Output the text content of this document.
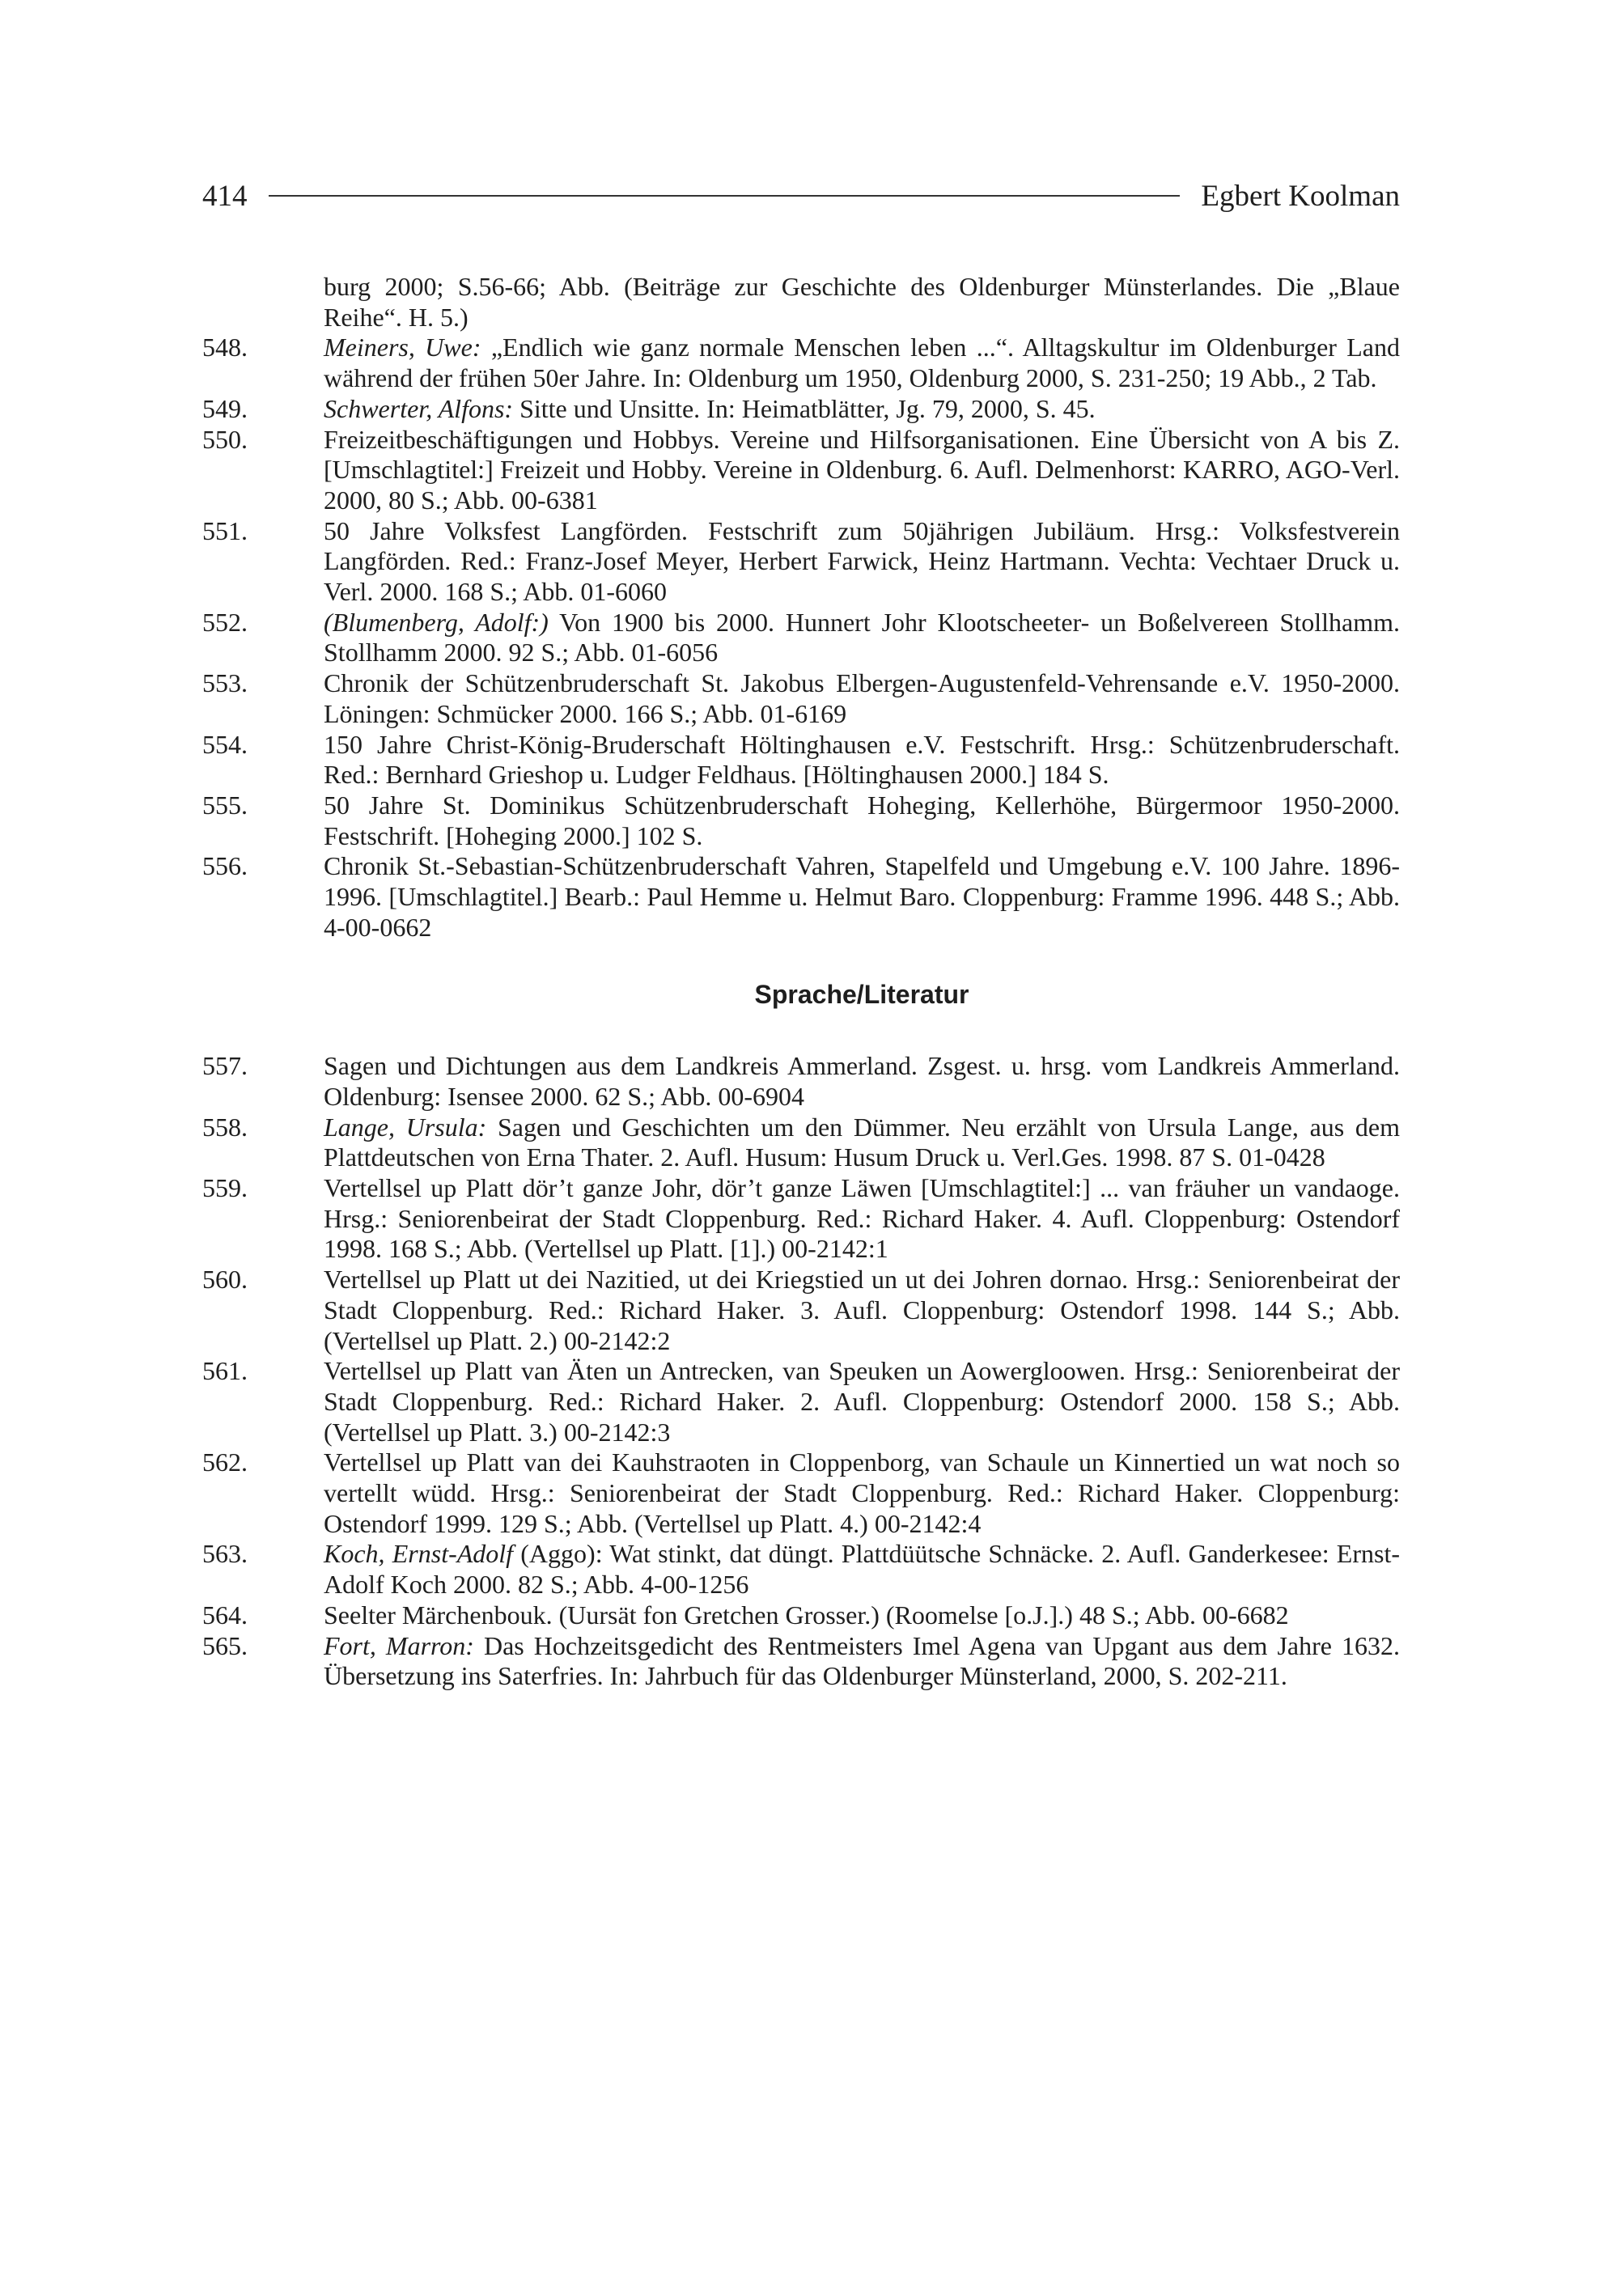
414	Egbert Koolman
burg 2000; S.56-66; Abb. (Beiträge zur Geschichte des Oldenburger Münsterlandes. Die „Blaue Reihe“. H. 5.)
548.	Meiners, Uwe: „Endlich wie ganz normale Menschen leben ...“. Alltagskultur im Oldenburger Land während der frühen 50er Jahre. In: Oldenburg um 1950, Oldenburg 2000, S. 231-250; 19 Abb., 2 Tab.
549.	Schwerter, Alfons: Sitte und Unsitte. In: Heimatblätter, Jg. 79, 2000, S. 45.
550.	Freizeitbeschäftigungen und Hobbys. Vereine und Hilfsorganisationen. Eine Übersicht von A bis Z. [Umschlagtitel:] Freizeit und Hobby. Vereine in Oldenburg. 6. Aufl. Delmenhorst: KARRO, AGO-Verl. 2000, 80 S.; Abb. 00-6381
551.	50 Jahre Volksfest Langförden. Festschrift zum 50jährigen Jubiläum. Hrsg.: Volksfestverein Langförden. Red.: Franz-Josef Meyer, Herbert Farwick, Heinz Hartmann. Vechta: Vechtaer Druck u. Verl. 2000. 168 S.; Abb. 01-6060
552.	(Blumenberg, Adolf:) Von 1900 bis 2000. Hunnert Johr Klootscheeter- un Boßelvereen Stollhamm. Stollhamm 2000. 92 S.; Abb. 01-6056
553.	Chronik der Schützenbruderschaft St. Jakobus Elbergen-Augustenfeld-Vehrensande e.V. 1950-2000. Löningen: Schmücker 2000. 166 S.; Abb. 01-6169
554.	150 Jahre Christ-König-Bruderschaft Höltinghausen e.V. Festschrift. Hrsg.: Schützenbruderschaft. Red.: Bernhard Grieshop u. Ludger Feldhaus. [Höltinghausen 2000.] 184 S.
555.	50 Jahre St. Dominikus Schützenbruderschaft Hoheging, Kellerhöhe, Bürgermoor 1950-2000. Festschrift. [Hoheging 2000.] 102 S.
556.	Chronik St.-Sebastian-Schützenbruderschaft Vahren, Stapelfeld und Umgebung e.V. 100 Jahre. 1896-1996. [Umschlagtitel.] Bearb.: Paul Hemme u. Helmut Baro. Cloppenburg: Framme 1996. 448 S.; Abb. 4-00-0662
Sprache/Literatur
557.	Sagen und Dichtungen aus dem Landkreis Ammerland. Zsgest. u. hrsg. vom Landkreis Ammerland. Oldenburg: Isensee 2000. 62 S.; Abb. 00-6904
558.	Lange, Ursula: Sagen und Geschichten um den Dümmer. Neu erzählt von Ursula Lange, aus dem Plattdeutschen von Erna Thater. 2. Aufl. Husum: Husum Druck u. Verl.Ges. 1998. 87 S. 01-0428
559.	Vertellsel up Platt dör’t ganze Johr, dör’t ganze Läwen [Umschlagtitel:] ... van fräuher un vandaoge. Hrsg.: Seniorenbeirat der Stadt Cloppenburg. Red.: Richard Haker. 4. Aufl. Cloppenburg: Ostendorf 1998. 168 S.; Abb. (Vertellsel up Platt. [1].) 00-2142:1
560.	Vertellsel up Platt ut dei Nazitied, ut dei Kriegstied un ut dei Johren dornao. Hrsg.: Seniorenbeirat der Stadt Cloppenburg. Red.: Richard Haker. 3. Aufl. Cloppenburg: Ostendorf 1998. 144 S.; Abb. (Vertellsel up Platt. 2.) 00-2142:2
561.	Vertellsel up Platt van Äten un Antrecken, van Speuken un Aowergloowen. Hrsg.: Seniorenbeirat der Stadt Cloppenburg. Red.: Richard Haker. 2. Aufl. Cloppenburg: Ostendorf 2000. 158 S.; Abb. (Vertellsel up Platt. 3.) 00-2142:3
562.	Vertellsel up Platt van dei Kauhstraoten in Cloppenborg, van Schaule un Kinnertied un wat noch so vertellt wüdd. Hrsg.: Seniorenbeirat der Stadt Cloppenburg. Red.: Richard Haker. Cloppenburg: Ostendorf 1999. 129 S.; Abb. (Vertellsel up Platt. 4.) 00-2142:4
563.	Koch, Ernst-Adolf (Aggo): Wat stinkt, dat düngt. Plattdüütsche Schnäcke. 2. Aufl. Ganderkesee: Ernst-Adolf Koch 2000. 82 S.; Abb. 4-00-1256
564.	Seelter Märchenbouk. (Uursät fon Gretchen Grosser.) (Roomelse [o.J.].) 48 S.; Abb. 00-6682
565.	Fort, Marron: Das Hochzeitsgedicht des Rentmeisters Imel Agena van Upgant aus dem Jahre 1632. Übersetzung ins Saterfries. In: Jahrbuch für das Oldenburger Münsterland, 2000, S. 202-211.
